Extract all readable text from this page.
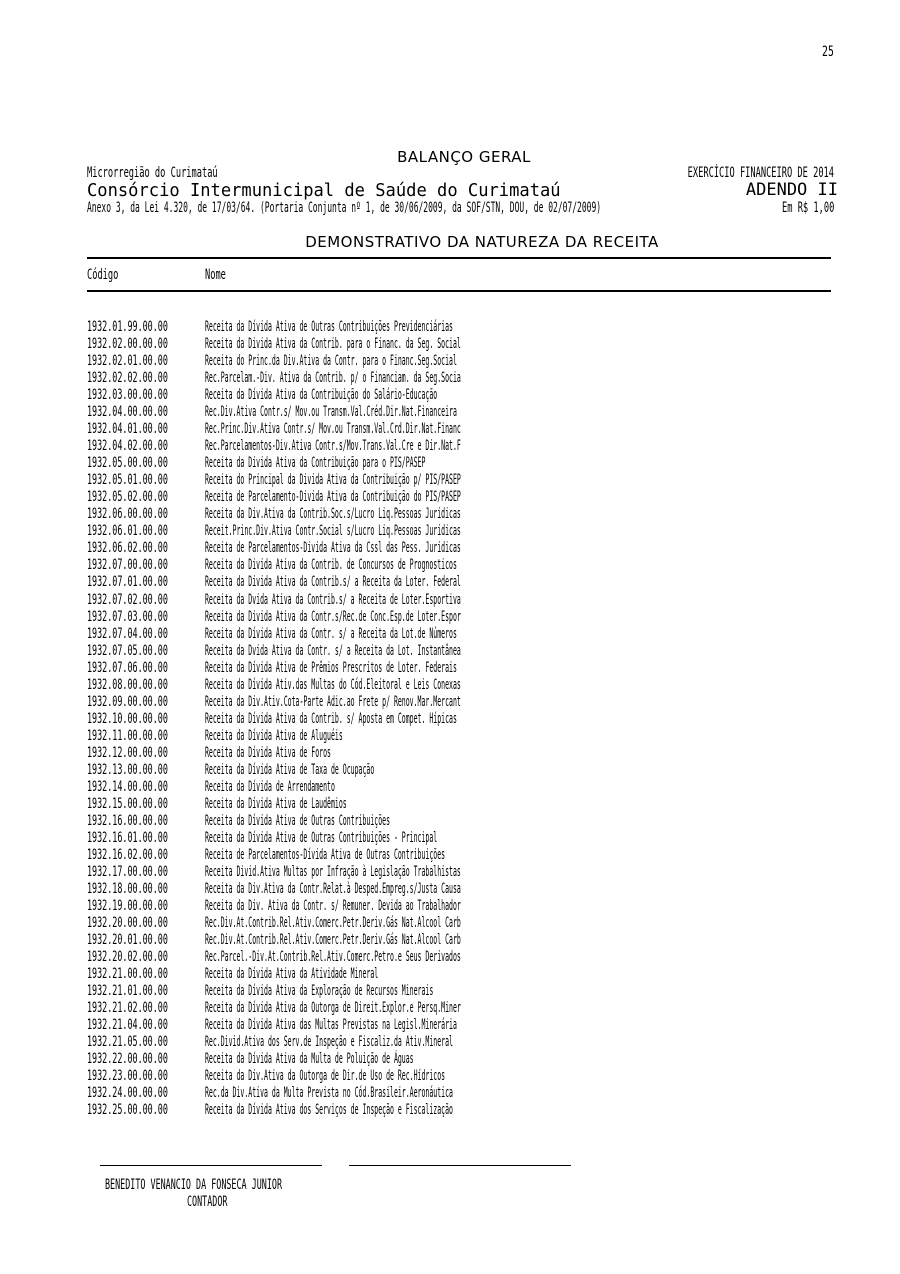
25
BALANÇO GERAL
Microrregião do Curimataú	EXERCÍCIO FINANCEIRO DE 2014
Consórcio Intermunicipal de Saúde do Curimataú	ADENDO II
Anexo 3, da Lei 4.320, de 17/03/64. (Portaria Conjunta nº 1, de 30/06/2009, da SOF/STN, DOU, de 02/07/2009)	Em R$ 1,00
DEMONSTRATIVO DA NATUREZA DA RECEITA
Código	Nome
1932.01.99.00.00	Receita da Dívida Ativa de Outras Contribuições Previdenciárias
1932.02.00.00.00	Receita da Divida Ativa da Contrib. para o Financ. da Seg. Social
1932.02.01.00.00	Receita do Princ.da Div.Ativa da Contr. para o Financ.Seg.Social
1932.02.02.00.00	Rec.Parcelam.-Div. Ativa da Contrib. p/ o Financiam. da Seg.Socia
1932.03.00.00.00	Receita da Dívida Ativa da Contribuição do Salário-Educação
1932.04.00.00.00	Rec.Div.Ativa Contr.s/ Mov.ou Transm.Val.Créd.Dir.Nat.Financeira
1932.04.01.00.00	Rec.Princ.Div.Ativa Contr.s/ Mov.ou Transm.Val.Crd.Dir.Nat.Financ
1932.04.02.00.00	Rec.Parcelamentos-Div.Ativa Contr.s/Mov.Trans.Val.Cre e Dir.Nat.F
1932.05.00.00.00	Receita da Divida Ativa da Contribuição para o PIS/PASEP
1932.05.01.00.00	Receita do Principal da Divida Ativa da Contribuição p/ PIS/PASEP
1932.05.02.00.00	Receita de Parcelamento-Divida Ativa da Contribuição do PIS/PASEP
1932.06.00.00.00	Receita da Div.Ativa da Contrib.Soc.s/Lucro Liq.Pessoas Juridicas
1932.06.01.00.00	Receit.Princ.Div.Ativa Contr.Social s/Lucro Liq.Pessoas Juridicas
1932.06.02.00.00	Receita de Parcelamentos-Divida Ativa da Cssl das Pess. Juridicas
1932.07.00.00.00	Receita da Divida Ativa da Contrib. de Concursos de Prognosticos
1932.07.01.00.00	Receita da Divida Ativa da Contrib.s/ a Receita da Loter. Federal
1932.07.02.00.00	Receita da Dvida Ativa da Contrib.s/ a Receita de Loter.Esportiva
1932.07.03.00.00	Receita da Divida Ativa da Contr.s/Rec.de Conc.Esp.de Loter.Espor
1932.07.04.00.00	Receita da Dívida Ativa da Contr. s/ a Receita da Lot.de Números
1932.07.05.00.00	Receita da Dvida Ativa da Contr. s/ a Receita da Lot. Instantânea
1932.07.06.00.00	Receita da Dívida Ativa de Prêmios Prescritos de Loter. Federais
1932.08.00.00.00	Receita da Dívida Ativ.das Multas do Cód.Eleitoral e Leis Conexas
1932.09.00.00.00	Receita da Div.Ativ.Cota-Parte Adic.ao Frete p/ Renov.Mar.Mercant
1932.10.00.00.00	Receita da Dívida Ativa da Contrib. s/ Aposta em Compet. Hípicas
1932.11.00.00.00	Receita da Dívida Ativa de Aluguéis
1932.12.00.00.00	Receita da Dívida Ativa de Foros
1932.13.00.00.00	Receita da Dívida Ativa de Taxa de Ocupação
1932.14.00.00.00	Receita da Dívida de Arrendamento
1932.15.00.00.00	Receita da Dívida Ativa de Laudêmios
1932.16.00.00.00	Receita da Dívida Ativa de Outras Contribuições
1932.16.01.00.00	Receita da Dívida Ativa de Outras Contribuições - Principal
1932.16.02.00.00	Receita de Parcelamentos-Dívida Ativa de Outras Contribuições
1932.17.00.00.00	Receita Divid.Ativa Multas por Infração à Legislação Trabalhistas
1932.18.00.00.00	Receita da Div.Ativa da Contr.Relat.à Desped.Empreg.s/Justa Causa
1932.19.00.00.00	Receita da Div. Ativa da Contr. s/ Remuner. Devida ao Trabalhador
1932.20.00.00.00	Rec.Div.At.Contrib.Rel.Ativ.Comerc.Petr.Deriv.Gás Nat.Alcool Carb
1932.20.01.00.00	Rec.Div.At.Contrib.Rel.Ativ.Comerc.Petr.Deriv.Gás Nat.Alcool Carb
1932.20.02.00.00	Rec.Parcel.-Div.At.Contrib.Rel.Ativ.Comerc.Petro.e Seus Derivados
1932.21.00.00.00	Receita da Dívida Ativa da Atividade Mineral
1932.21.01.00.00	Receita da Dívida Ativa da Exploração de Recursos Minerais
1932.21.02.00.00	Receita da Dívida Ativa da Outorga de Direit.Explor.e Persq.Miner
1932.21.04.00.00	Receita da Dívida Ativa das Multas Previstas na Legisl.Minerária
1932.21.05.00.00	Rec.Divid.Ativa dos Serv.de Inspeção e Fiscaliz.da Ativ.Mineral
1932.22.00.00.00	Receita da Dívida Ativa da Multa de Poluição de Águas
1932.23.00.00.00	Receita da Div.Ativa da Outorga de Dir.de Uso de Rec.Hídricos
1932.24.00.00.00	Rec.da Div.Ativa da Multa Prevista no Cód.Brasileir.Aeronáutica
1932.25.00.00.00	Receita da Dívida Ativa dos Serviços de Inspeção e Fiscalização
BENEDITO VENANCIO DA FONSECA JUNIOR
CONTADOR
